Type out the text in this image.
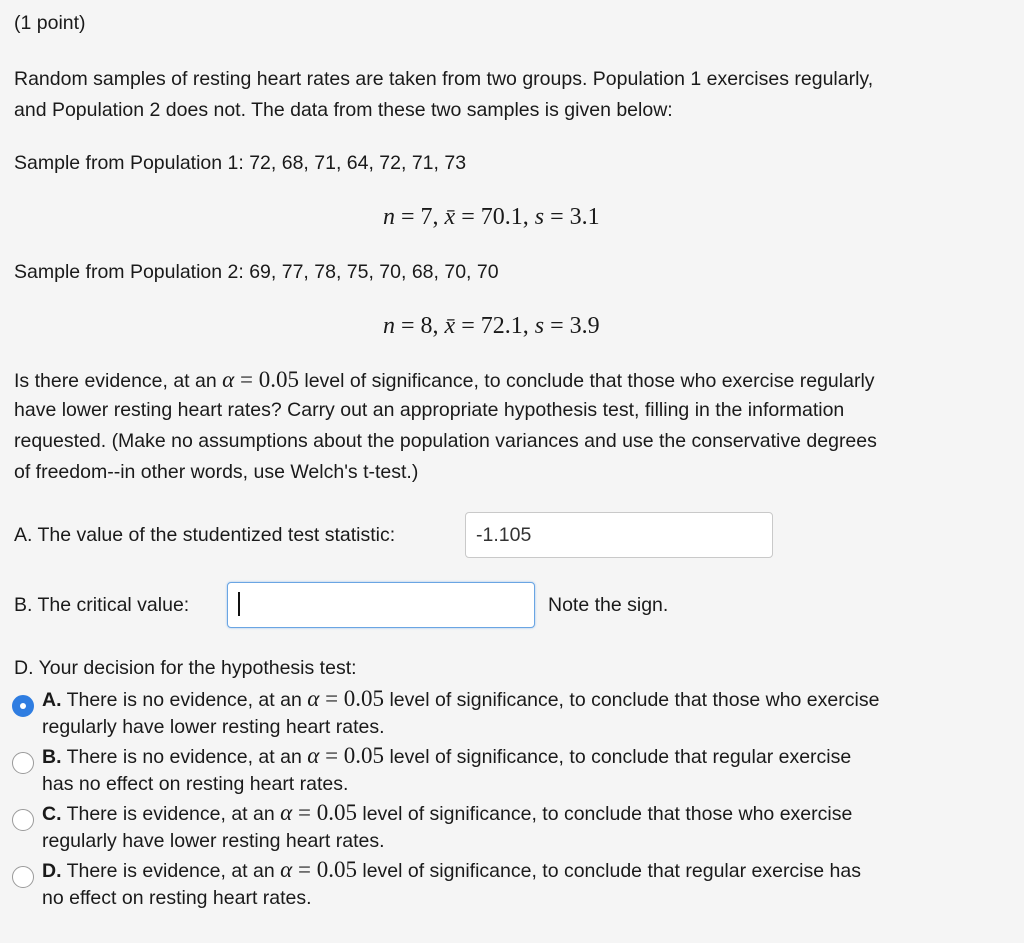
(1 point)
Random samples of resting heart rates are taken from two groups. Population 1 exercises regularly,
and Population 2 does not. The data from these two samples is given below:
Sample from Population 1: 72, 68, 71, 64, 72, 71, 73
n = 7, x̄ = 70.1, s = 3.1
Sample from Population 2: 69, 77, 78, 75, 70, 68, 70, 70
n = 8, x̄ = 72.1, s = 3.9
Is there evidence, at an α = 0.05 level of significance, to conclude that those who exercise regularly
have lower resting heart rates? Carry out an appropriate hypothesis test, filling in the information
requested. (Make no assumptions about the population variances and use the conservative degrees
of freedom--in other words, use Welch's t-test.)
A. The value of the studentized test statistic:	-1.105
B. The critical value:	Note the sign.
D. Your decision for the hypothesis test:
A. There is no evidence, at an α = 0.05 level of significance, to conclude that those who exercise
regularly have lower resting heart rates.
B. There is no evidence, at an α = 0.05 level of significance, to conclude that regular exercise
has no effect on resting heart rates.
C. There is evidence, at an α = 0.05 level of significance, to conclude that those who exercise
regularly have lower resting heart rates.
D. There is evidence, at an α = 0.05 level of significance, to conclude that regular exercise has
no effect on resting heart rates.
